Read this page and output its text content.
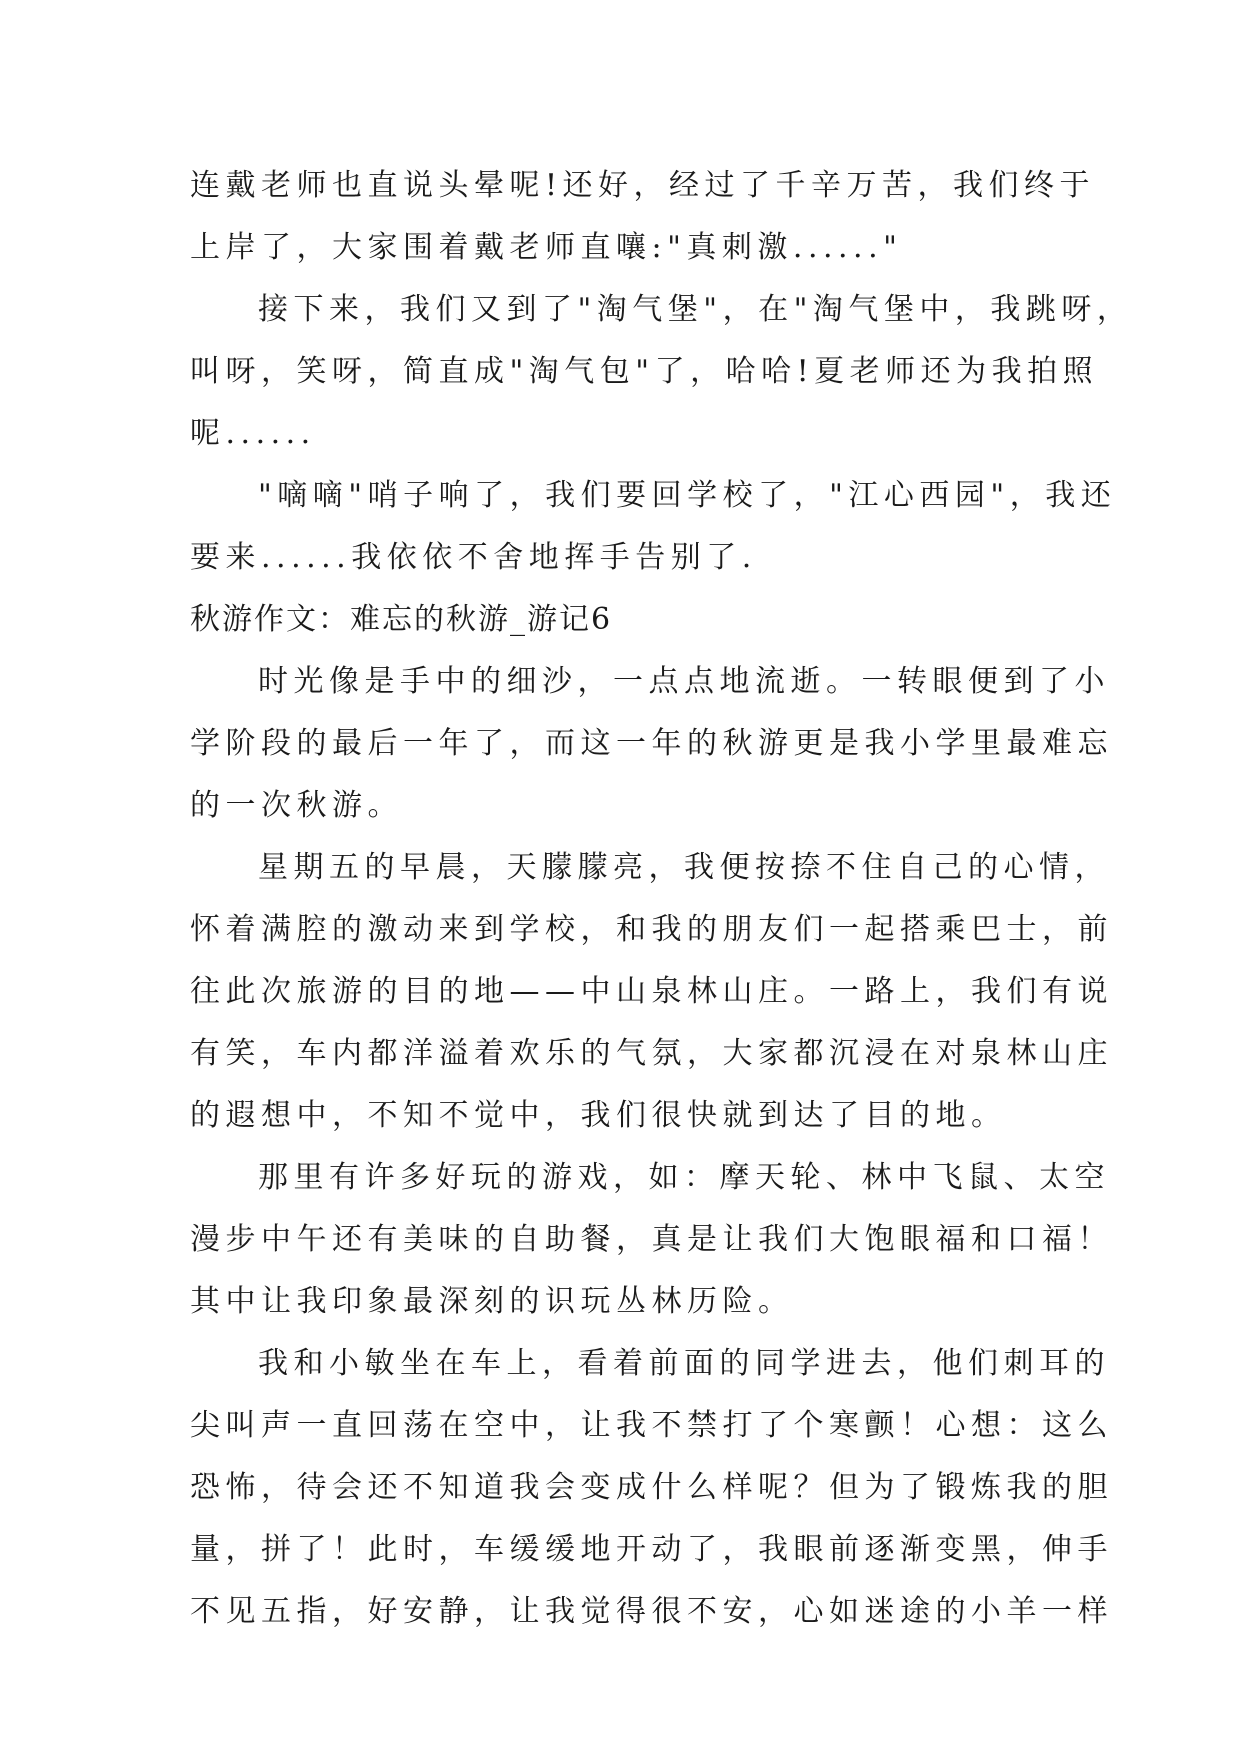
连戴老师也直说头晕呢!还好，经过了千辛万苦，我们终于
上岸了，大家围着戴老师直嚷:"真刺激......"
接下来，我们又到了"淘气堡"，在"淘气堡中，我跳呀，
叫呀，笑呀，简直成"淘气包"了，哈哈!夏老师还为我拍照
呢......
"嘀嘀"哨子响了，我们要回学校了，"江心西园"，我还
要来......我依依不舍地挥手告别了.
秋游作文：难忘的秋游_游记6
时光像是手中的细沙，一点点地流逝。一转眼便到了小
学阶段的最后一年了，而这一年的秋游更是我小学里最难忘
的一次秋游。
星期五的早晨，天朦朦亮，我便按捺不住自己的心情，
怀着满腔的激动来到学校，和我的朋友们一起搭乘巴士，前
往此次旅游的目的地——中山泉林山庄。一路上，我们有说
有笑，车内都洋溢着欢乐的气氛，大家都沉浸在对泉林山庄
的遐想中，不知不觉中，我们很快就到达了目的地。
那里有许多好玩的游戏，如：摩天轮、林中飞鼠、太空
漫步中午还有美味的自助餐，真是让我们大饱眼福和口福！
其中让我印象最深刻的识玩丛林历险。
我和小敏坐在车上，看着前面的同学进去，他们刺耳的
尖叫声一直回荡在空中，让我不禁打了个寒颤！心想：这么
恐怖，待会还不知道我会变成什么样呢？但为了锻炼我的胆
量，拼了！此时，车缓缓地开动了，我眼前逐渐变黑，伸手
不见五指，好安静，让我觉得很不安，心如迷途的小羊一样
